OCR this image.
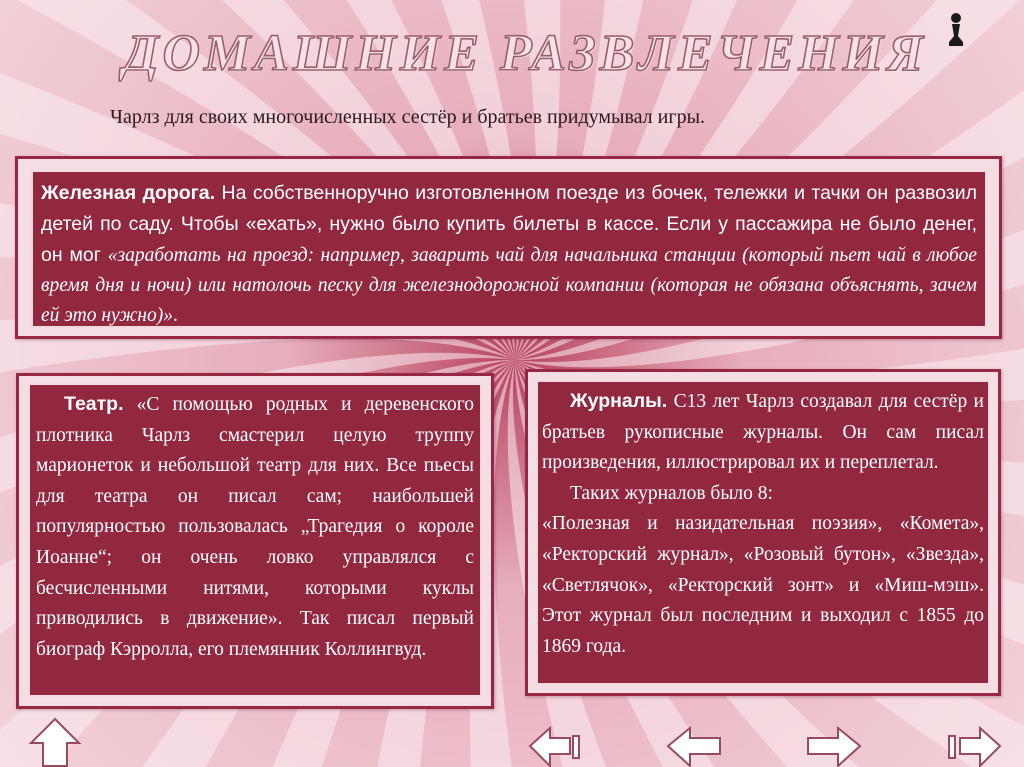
ДОМАШНИЕ РАЗВЛЕЧЕНИЯ

Чарлз для своих многочисленных сестёр и братьев придумывал игры.

Железная дорога. На собственноручно изготовленном поезде из бочек, тележки и тачки он развозил детей по саду. Чтобы «ехать», нужно было купить билеты в кассе. Если у пассажира не было денег, он мог «заработать на проезд: например, заварить чай для начальника станции (который пьет чай в любое время дня и ночи) или натолочь песку для железнодорожной компании (которая не обязана объяснять, зачем ей это нужно)».

Театр. «С помощью родных и деревенского плотника Чарлз смастерил целую труппу марионеток и небольшой театр для них. Все пьесы для театра он писал сам; наибольшей популярностью пользовалась „Трагедия о короле Иоанне“; он очень ловко управлялся с бесчисленными нитями, которыми куклы приводились в движение». Так писал первый биограф Кэрролла, его племянник Коллингвуд.

Журналы. С13 лет Чарлз создавал для сестёр и братьев рукописные журналы. Он сам писал произведения, иллюстрировал их и переплетал.

Таких журналов было 8:

«Полезная и назидательная поэзия», «Комета», «Ректорский журнал», «Розовый бутон», «Звезда», «Светлячок», «Ректорский зонт» и «Миш-мэш». Этот журнал был последним и выходил с 1855 до 1869 года.
